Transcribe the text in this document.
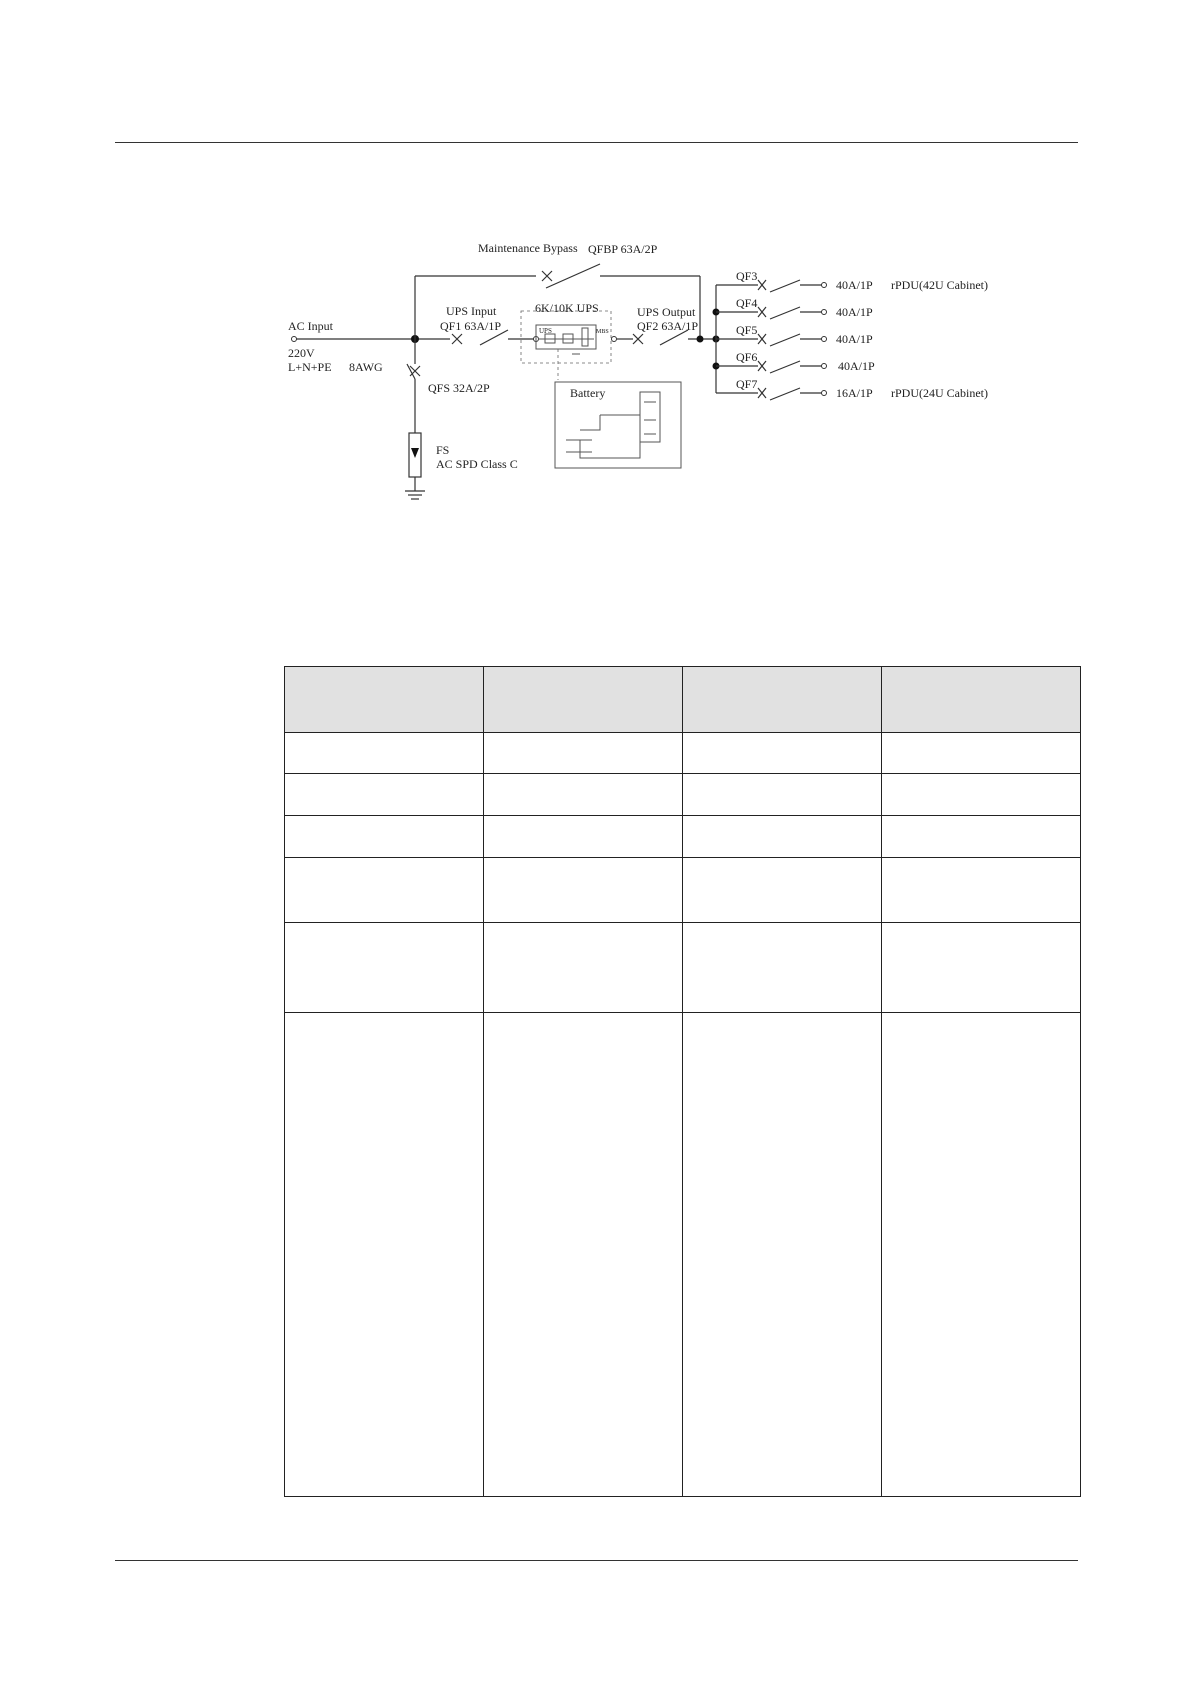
Maintenance Bypass QFBP 63A/2P
AC Input
220V
L+N+PE 8AWG
UPS Input
QF1 63A/1P
6K/10K UPS
UPS	MBS
UPS Output
QF2 63A/1P
QFS 32A/2P
FS
AC SPD Class C
Battery
QF3
QF4
QF5
QF6
QF7
40A/1P rPDU(42U Cabinet)
40A/1P
40A/1P
40A/1P
16A/1P rPDU(24U Cabinet)
